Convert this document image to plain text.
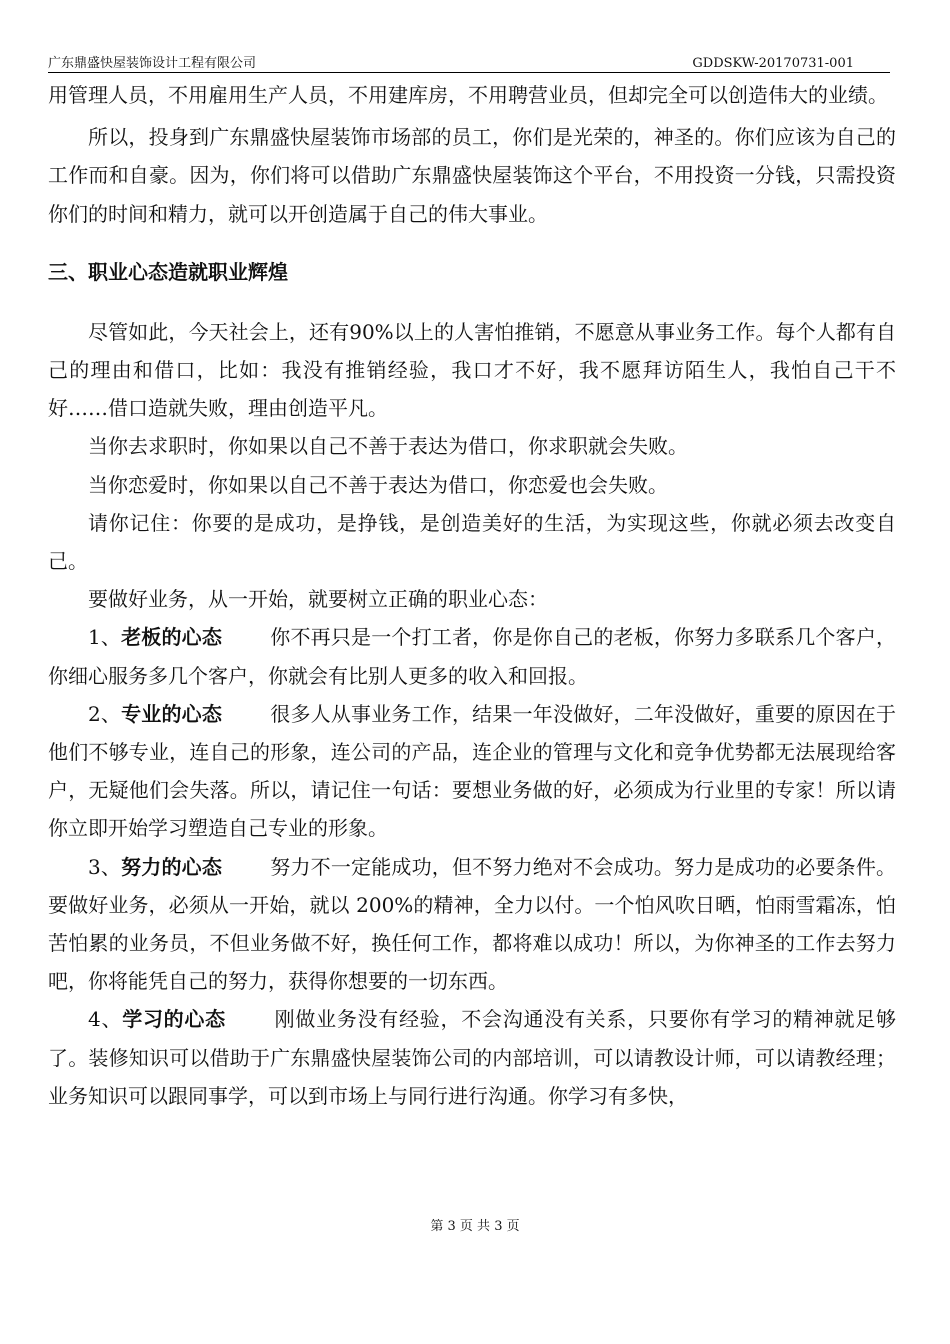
广东鼎盛快屋装饰设计工程有限公司	GDDSKW-20170731-001

用管理人员，不用雇用生产人员，不用建库房，不用聘营业员，但却完全可以创造伟大的业绩。

所以，投身到广东鼎盛快屋装饰市场部的员工，你们是光荣的，神圣的。你们应该为自己的工作而和自豪。因为，你们将可以借助广东鼎盛快屋装饰这个平台，不用投资一分钱，只需投资你们的时间和精力，就可以开创造属于自己的伟大事业。

三、职业心态造就职业辉煌

尽管如此，今天社会上，还有90%以上的人害怕推销，不愿意从事业务工作。每个人都有自己的理由和借口，比如：我没有推销经验，我口才不好，我不愿拜访陌生人，我怕自己干不好……借口造就失败，理由创造平凡。

当你去求职时，你如果以自己不善于表达为借口，你求职就会失败。

当你恋爱时，你如果以自己不善于表达为借口，你恋爱也会失败。

请你记住：你要的是成功，是挣钱，是创造美好的生活，为实现这些，你就必须去改变自己。

要做好业务，从一开始，就要树立正确的职业心态：

1、老板的心态 你不再只是一个打工者，你是你自己的老板，你努力多联系几个客户，你细心服务多几个客户，你就会有比别人更多的收入和回报。

2、专业的心态 很多人从事业务工作，结果一年没做好，二年没做好，重要的原因在于他们不够专业，连自己的形象，连公司的产品，连企业的管理与文化和竞争优势都无法展现给客户，无疑他们会失落。所以，请记住一句话：要想业务做的好，必须成为行业里的专家！所以请你立即开始学习塑造自己专业的形象。

3、努力的心态 努力不一定能成功，但不努力绝对不会成功。努力是成功的必要条件。要做好业务，必须从一开始，就以 200%的精神，全力以付。一个怕风吹日晒，怕雨雪霜冻，怕苦怕累的业务员，不但业务做不好，换任何工作，都将难以成功！所以，为你神圣的工作去努力吧，你将能凭自己的努力，获得你想要的一切东西。

4、学习的心态 刚做业务没有经验，不会沟通没有关系，只要你有学习的精神就足够了。装修知识可以借助于广东鼎盛快屋装饰公司的内部培训，可以请教设计师，可以请教经理；业务知识可以跟同事学，可以到市场上与同行进行沟通。你学习有多快，

第 3 页 共 3 页
